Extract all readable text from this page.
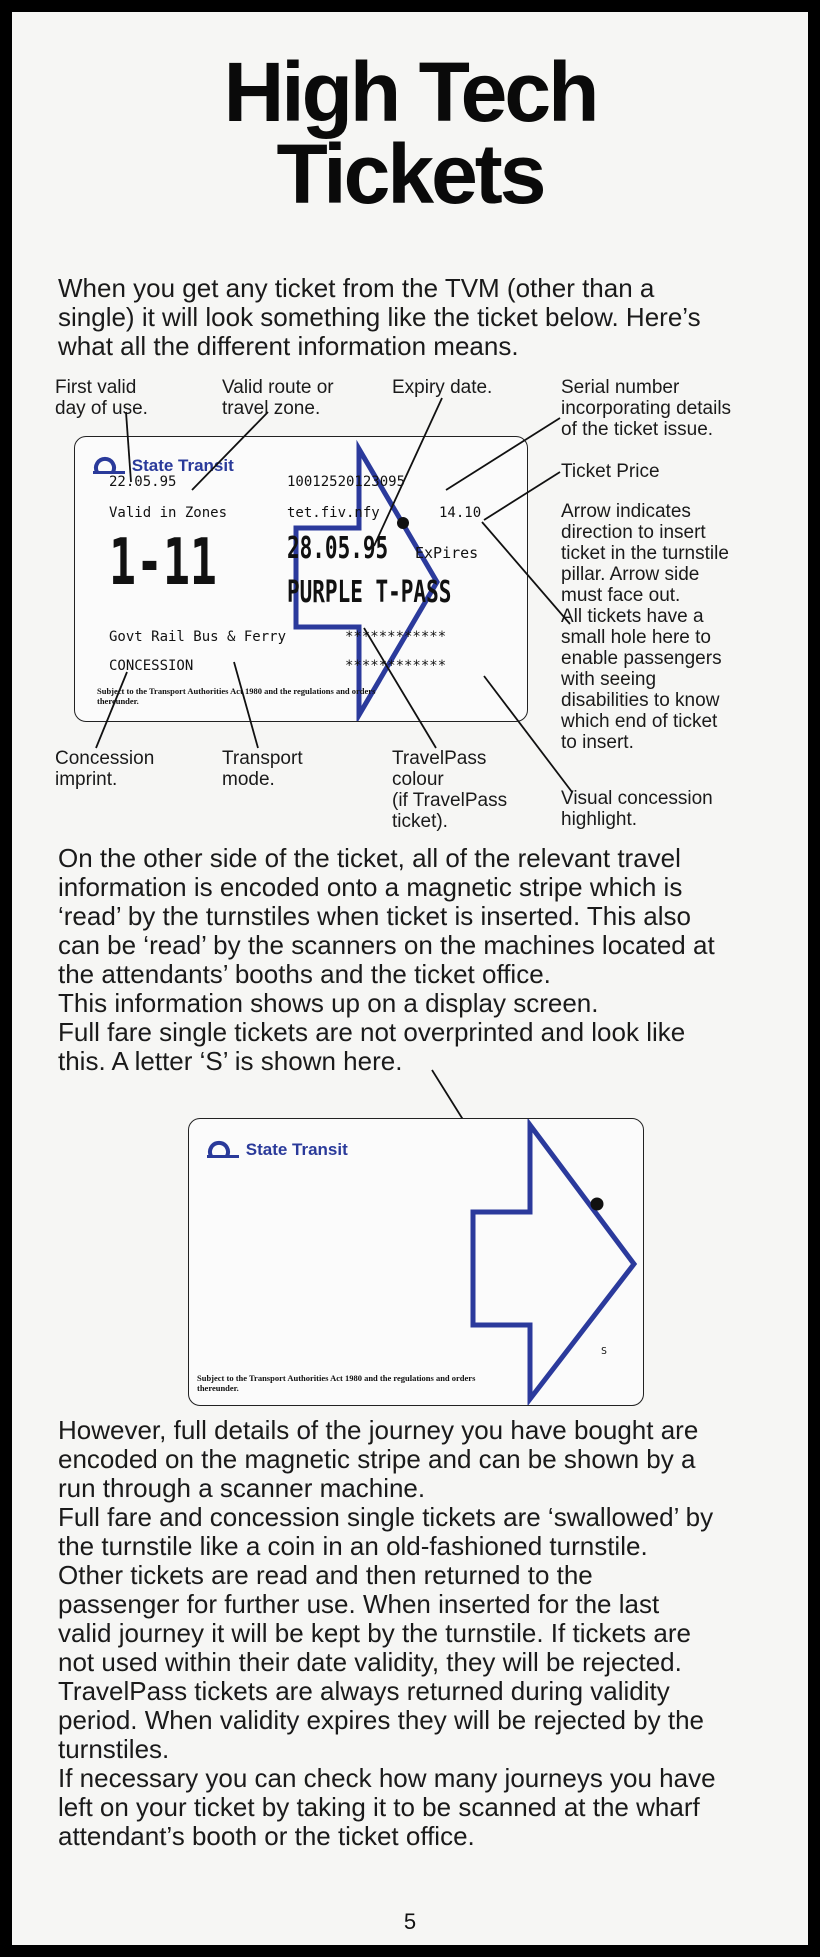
High Tech
Tickets
When you get any ticket from the TVM (other than a
single) it will look something like the ticket below. Here’s
what all the different information means.
First valid
day of use.
Valid route or
travel zone.
Expiry date.	Serial number
incorporating details
of the ticket issue.
Ticket Price
Arrow indicates
direction to insert
ticket in the turnstile
pillar. Arrow side
must face out.
All tickets have a
small hole here to
enable passengers
with seeing
disabilities to know
which end of ticket
to insert.
State Transit
22.05.95	10012520123095
Valid in Zones	tet.fiv.nfy	14.10
1-11 28.05.95 ExPires
PURPLE T-PASS
Govt Rail Bus & Ferry	************
CONCESSION	************
Subject to the Transport Authorities Act 1980 and the regulations and orders thereunder.
Concession
imprint.
Transport
mode.
TravelPass
colour
(if TravelPass
ticket).
Visual concession
highlight.
On the other side of the ticket, all of the relevant travel
information is encoded onto a magnetic stripe which is
‘read’ by the turnstiles when ticket is inserted. This also
can be ‘read’ by the scanners on the machines located at
the attendants’ booths and the ticket office.
This information shows up on a display screen.
Full fare single tickets are not overprinted and look like
this. A letter ‘S’ is shown here.
State Transit
S
Subject to the Transport Authorities Act 1980 and the regulations and orders thereunder.
However, full details of the journey you have bought are
encoded on the magnetic stripe and can be shown by a
run through a scanner machine.
Full fare and concession single tickets are ‘swallowed’ by
the turnstile like a coin in an old-fashioned turnstile.
Other tickets are read and then returned to the
passenger for further use. When inserted for the last
valid journey it will be kept by the turnstile. If tickets are
not used within their date validity, they will be rejected.
TravelPass tickets are always returned during validity
period. When validity expires they will be rejected by the
turnstiles.
If necessary you can check how many journeys you have
left on your ticket by taking it to be scanned at the wharf
attendant’s booth or the ticket office.
5
